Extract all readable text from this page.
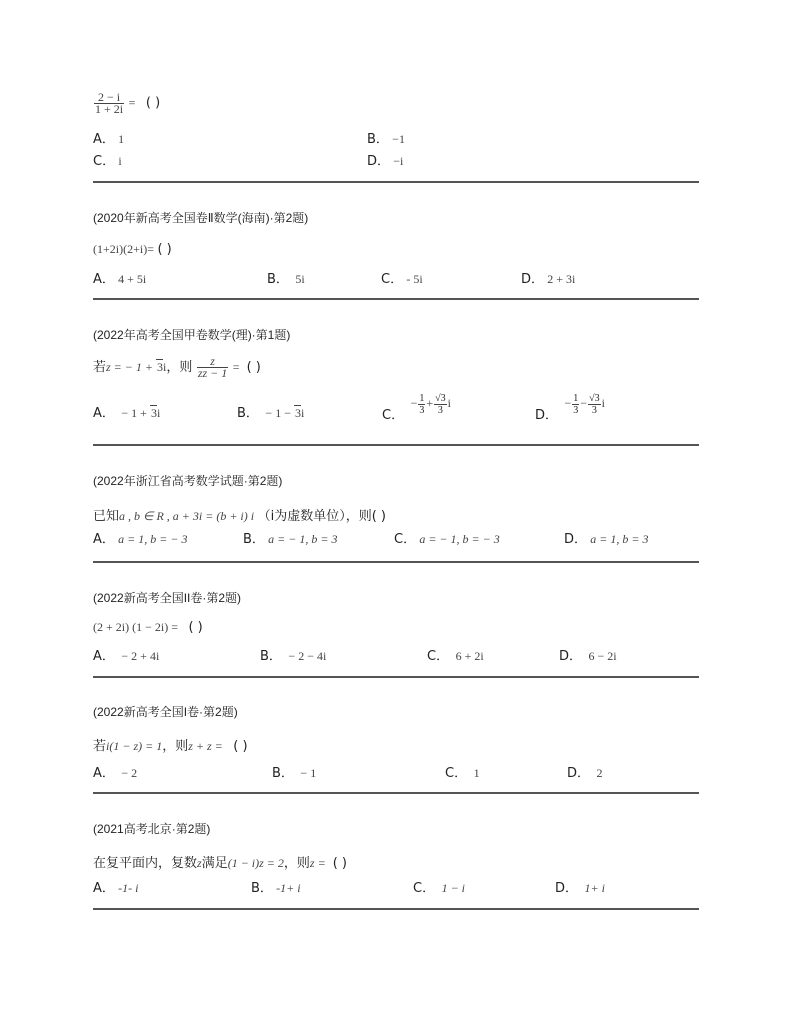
$\frac{2 - i}{1 + 2i}$ = ( )
A． 1	B． −1
C． i	D． −i
(2020年新高考全国卷Ⅱ数学(海南)·第2题)
(1+2i)(2+i)= ( )
A． 4 + 5i	B． 5i	C． - 5i	D． 2 + 3i
(2022年高考全国甲卷数学(理)·第1题)
若z = − 1 + 3i，则 $\frac{z}{zz - 1}$ = ( )
A． − 1 + 3i	B． − 1 − 3i	C．  − $\frac{1}{3} + \frac{√3}{3}$ i
D．  − $\frac{1}{3} - \frac{√3}{3}$ i
(2022年浙江省高考数学试题·第2题)
已知a , b ∈ R , a + 3i = (b + i) i （i为虚数单位），则( )
A． a = 1, b = − 3	B． a = − 1, b = 3	C． a = − 1, b = − 3	D． a = 1, b = 3
(2022新高考全国II卷·第2题)
(2 + 2i) (1 − 2i) = ( )
A． − 2 + 4i	B． − 2 − 4i	C． 6 + 2i	D． 6 − 2i
(2022新高考全国I卷·第2题)
若i(1 − z) = 1，则z + z = ( )
A． − 2	B． − 1	C． 1	D． 2
(2021高考北京·第2题)
在复平面内，复数z满足(1 − i)z = 2，则z = ( )
A． -1- i	B． -1+ i	C． 1 − i	D． 1+ i
